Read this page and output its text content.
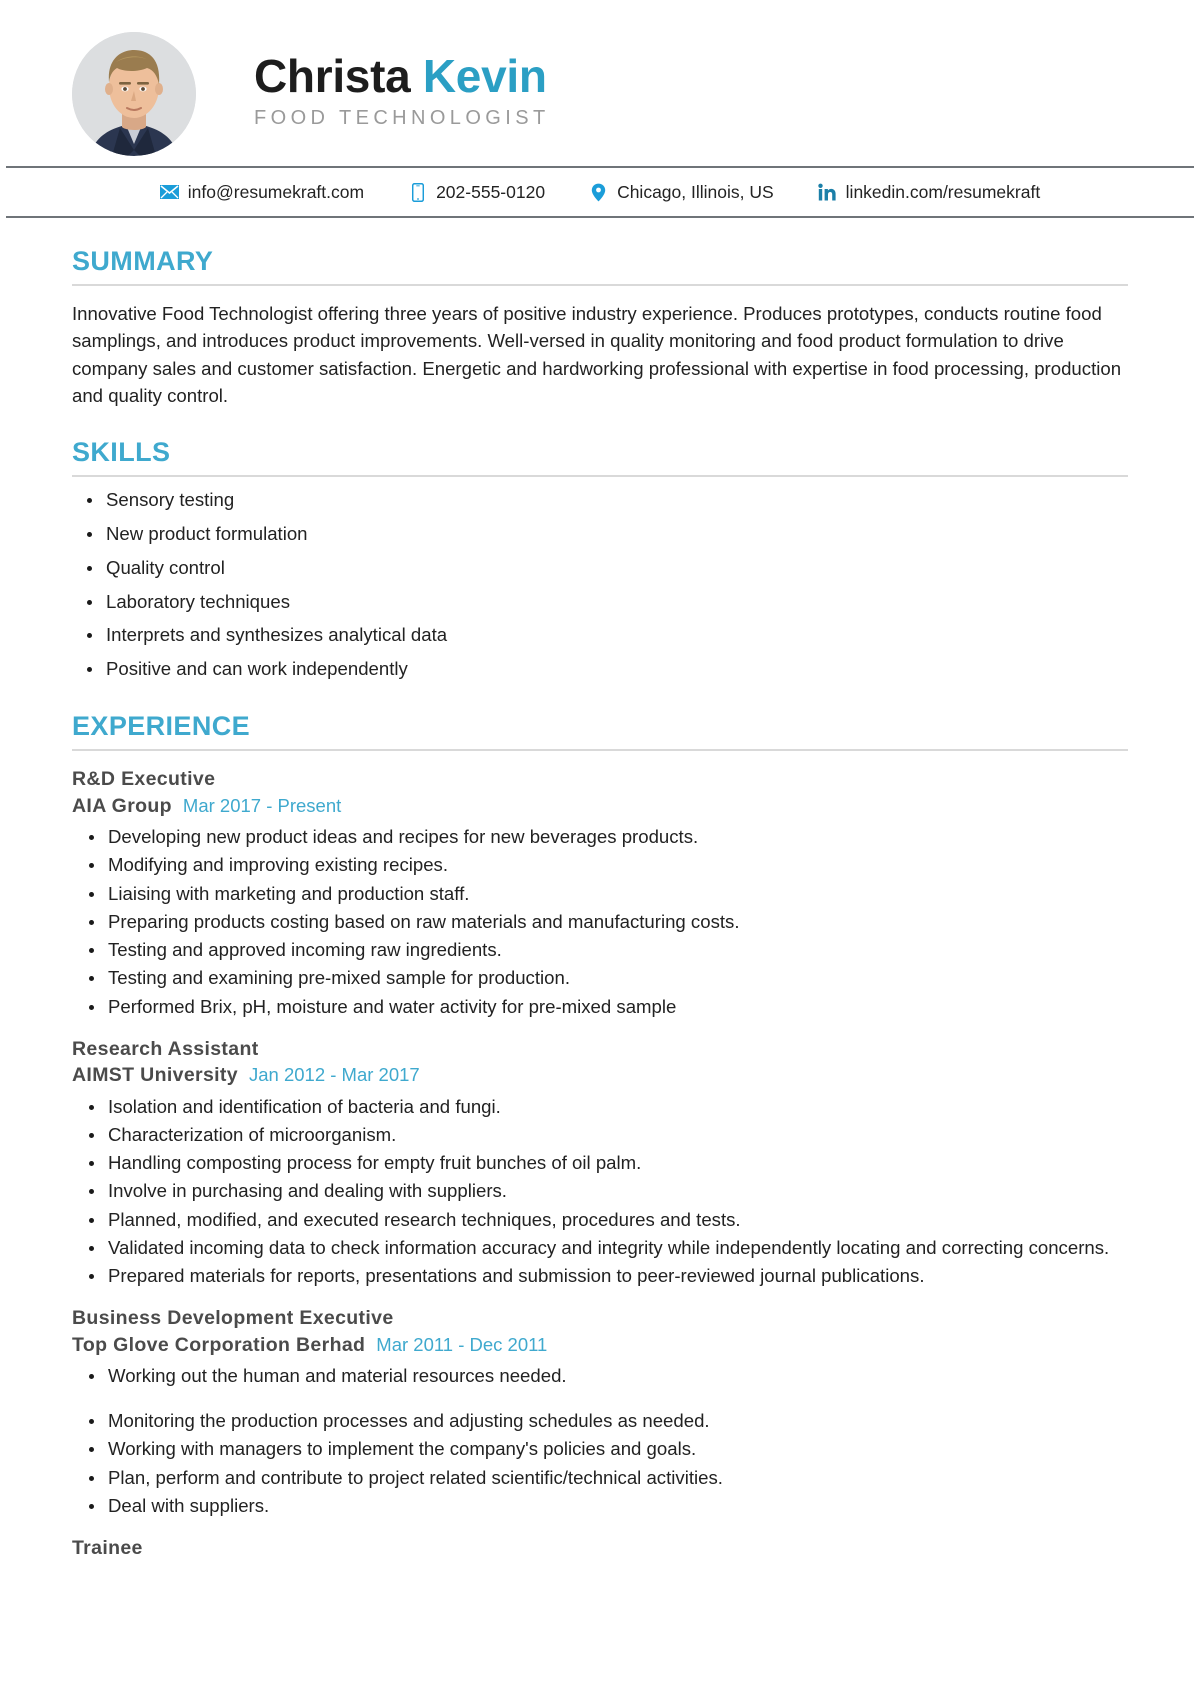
Christa Kevin
FOOD TECHNOLOGIST
info@resumekraft.com	202-555-0120	Chicago, Illinois, US	linkedin.com/resumekraft
SUMMARY
Innovative Food Technologist offering three years of positive industry experience. Produces prototypes, conducts routine food samplings, and introduces product improvements. Well-versed in quality monitoring and food product formulation to drive company sales and customer satisfaction. Energetic and hardworking professional with expertise in food processing, production and quality control.
SKILLS
Sensory testing
New product formulation
Quality control
Laboratory techniques
Interprets and synthesizes analytical data
Positive and can work independently
EXPERIENCE
R&D Executive
AIA Group Mar 2017 - Present
Developing new product ideas and recipes for new beverages products.
Modifying and improving existing recipes.
Liaising with marketing and production staff.
Preparing products costing based on raw materials and manufacturing costs.
Testing and approved incoming raw ingredients.
Testing and examining pre-mixed sample for production.
Performed Brix, pH, moisture and water activity for pre-mixed sample
Research Assistant
AIMST University Jan 2012 - Mar 2017
Isolation and identification of bacteria and fungi.
Characterization of microorganism.
Handling composting process for empty fruit bunches of oil palm.
Involve in purchasing and dealing with suppliers.
Planned, modified, and executed research techniques, procedures and tests.
Validated incoming data to check information accuracy and integrity while independently locating and correcting concerns.
Prepared materials for reports, presentations and submission to peer-reviewed journal publications.
Business Development Executive
Top Glove Corporation Berhad Mar 2011 - Dec 2011
Working out the human and material resources needed.
Monitoring the production processes and adjusting schedules as needed.
Working with managers to implement the company's policies and goals.
Plan, perform and contribute to project related scientific/technical activities.
Deal with suppliers.
Trainee
